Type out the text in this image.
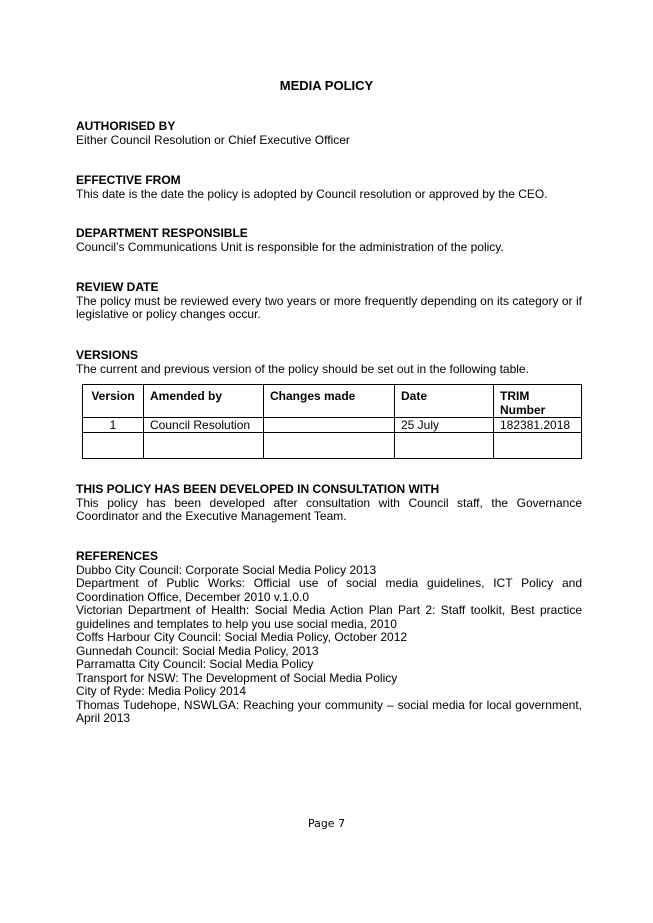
MEDIA POLICY
AUTHORISED BY
Either Council Resolution or Chief Executive Officer
EFFECTIVE FROM
This date is the date the policy is adopted by Council resolution or approved by the CEO.
DEPARTMENT RESPONSIBLE
Council’s Communications Unit is responsible for the administration of the policy.
REVIEW DATE
The policy must be reviewed every two years or more frequently depending on its category or if legislative or policy changes occur.
VERSIONS
The current and previous version of the policy should be set out in the following table.
Version	Amended by	Changes made	Date	TRIM Number
1	Council Resolution		25 July	182381.2018

THIS POLICY HAS BEEN DEVELOPED IN CONSULTATION WITH
This policy has been developed after consultation with Council staff, the Governance Coordinator and the Executive Management Team.
REFERENCES
Dubbo City Council: Corporate Social Media Policy 2013
Department of Public Works: Official use of social media guidelines, ICT Policy and Coordination Office, December 2010 v.1.0.0
Victorian Department of Health: Social Media Action Plan Part 2: Staff toolkit, Best practice guidelines and templates to help you use social media, 2010
Coffs Harbour City Council: Social Media Policy, October 2012
Gunnedah Council: Social Media Policy, 2013
Parramatta City Council: Social Media Policy
Transport for NSW: The Development of Social Media Policy
City of Ryde: Media Policy 2014
Thomas Tudehope, NSWLGA: Reaching your community – social media for local government, April 2013
Page 7
